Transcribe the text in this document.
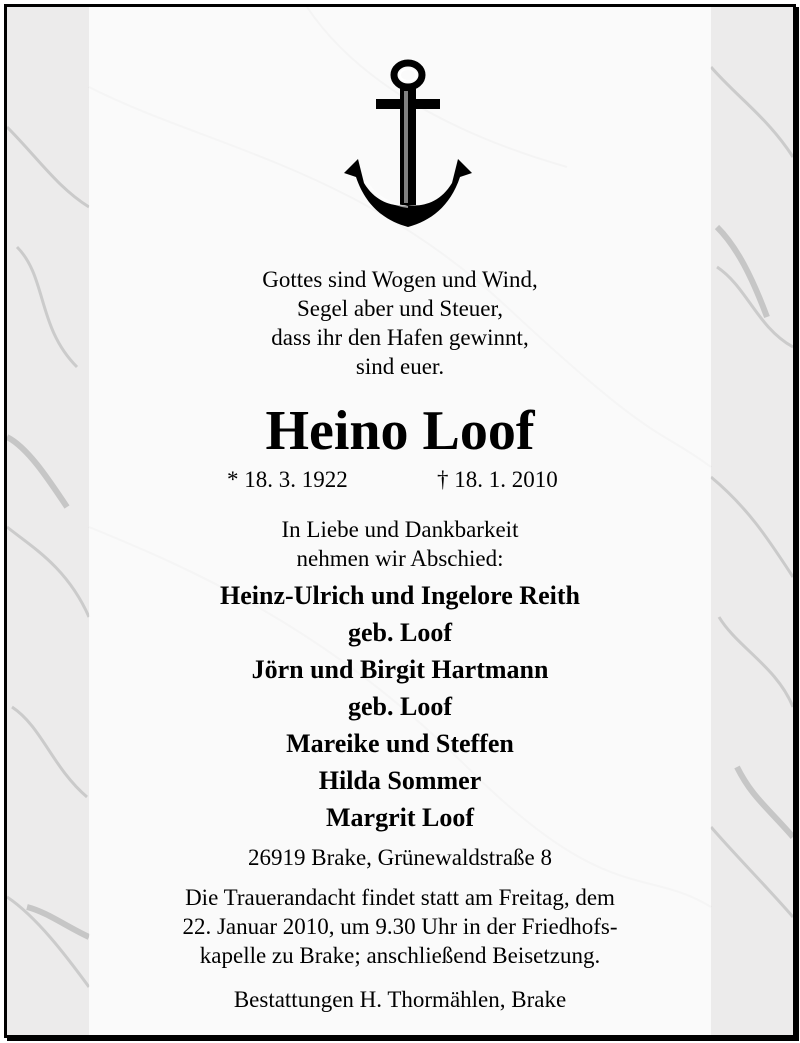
Gottes sind Wogen und Wind,
Segel aber und Steuer,
dass ihr den Hafen gewinnt,
sind euer.
Heino Loof
* 18. 3. 1922	† 18. 1. 2010
In Liebe und Dankbarkeit
nehmen wir Abschied:
Heinz-Ulrich und Ingelore Reith
geb. Loof
Jörn und Birgit Hartmann
geb. Loof
Mareike und Steffen
Hilda Sommer
Margrit Loof
26919 Brake, Grünewaldstraße 8
Die Trauerandacht findet statt am Freitag, dem
22. Januar 2010, um 9.30 Uhr in der Friedhofs-
kapelle zu Brake; anschließend Beisetzung.
Bestattungen H. Thormählen, Brake
